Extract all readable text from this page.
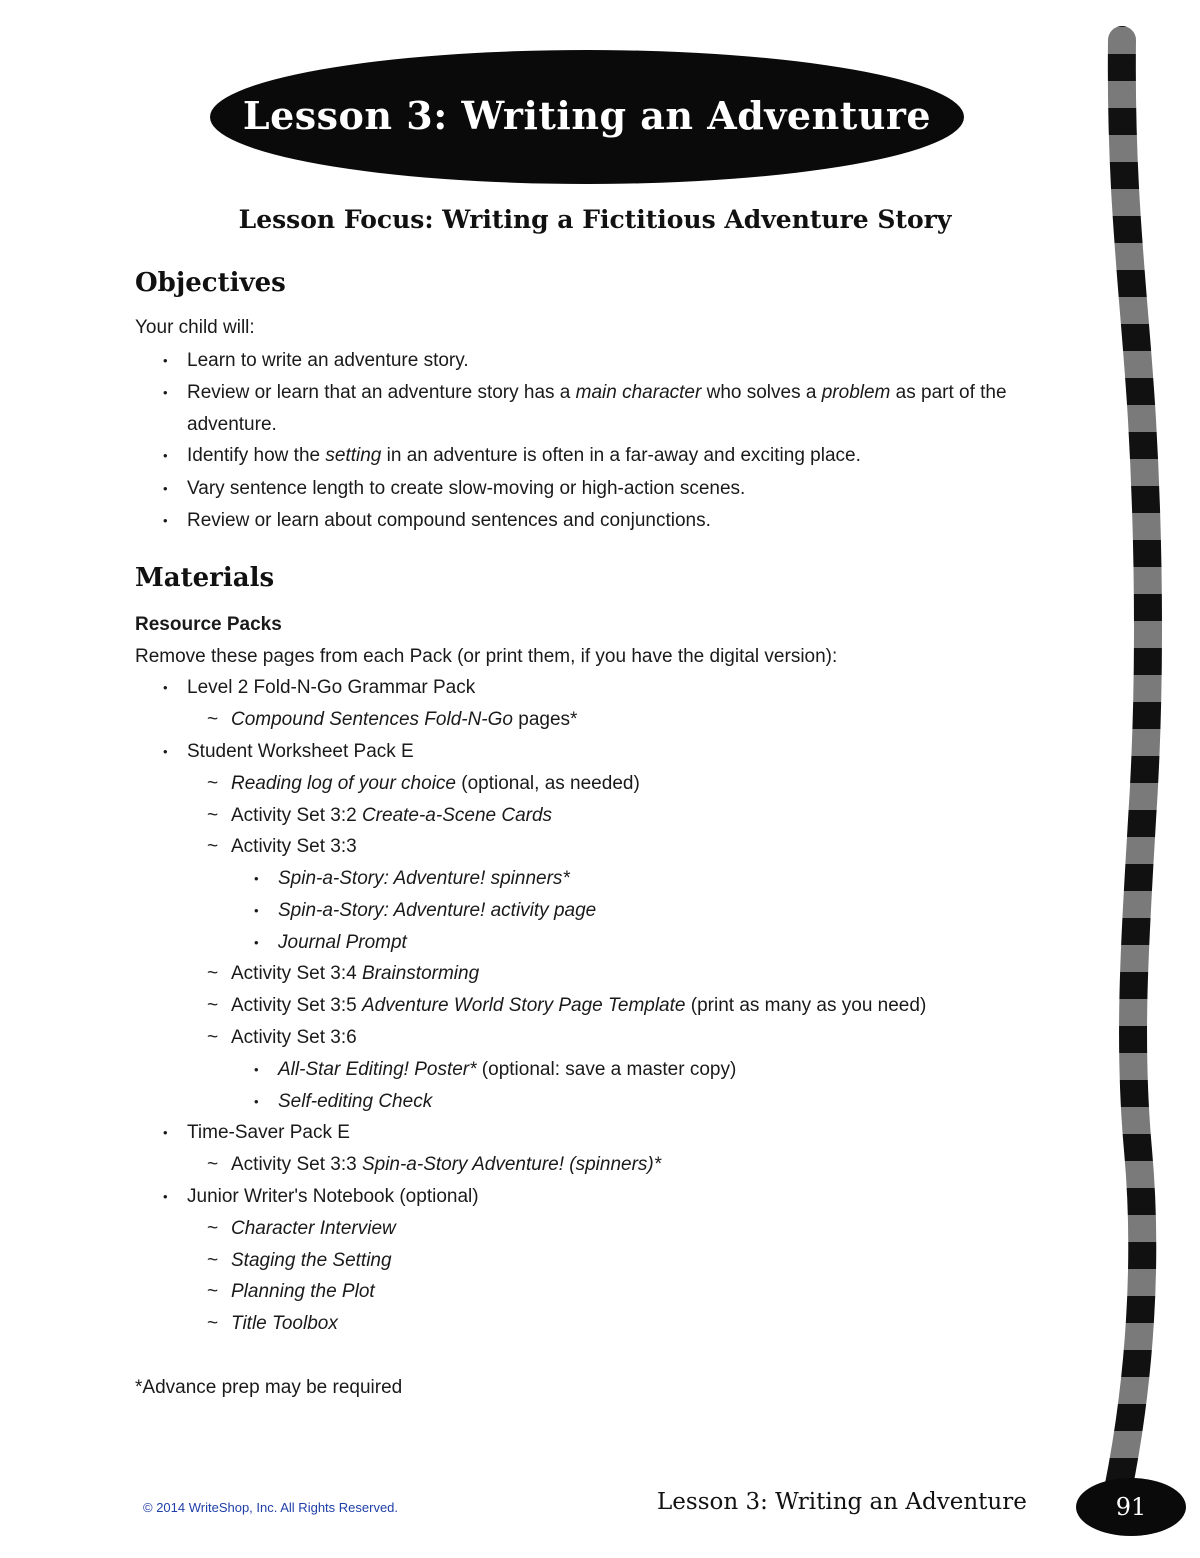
Lesson 3: Writing an Adventure
Lesson Focus: Writing a Fictitious Adventure Story
Objectives
Your child will:
• Learn to write an adventure story.
• Review or learn that an adventure story has a main character who solves a problem as part of the adventure.
• Identify how the setting in an adventure is often in a far-away and exciting place.
• Vary sentence length to create slow-moving or high-action scenes.
• Review or learn about compound sentences and conjunctions.
Materials
Resource Packs
Remove these pages from each Pack (or print them, if you have the digital version):
• Level 2 Fold-N-Go Grammar Pack
~ Compound Sentences Fold-N-Go pages*
• Student Worksheet Pack E
~ Reading log of your choice (optional, as needed)
~ Activity Set 3:2 Create-a-Scene Cards
~ Activity Set 3:3
• Spin-a-Story: Adventure! spinners*
• Spin-a-Story: Adventure! activity page
• Journal Prompt
~ Activity Set 3:4 Brainstorming
~ Activity Set 3:5 Adventure World Story Page Template (print as many as you need)
~ Activity Set 3:6
• All-Star Editing! Poster* (optional: save a master copy)
• Self-editing Check
• Time-Saver Pack E
~ Activity Set 3:3 Spin-a-Story Adventure! (spinners)*
• Junior Writer's Notebook (optional)
~ Character Interview
~ Staging the Setting
~ Planning the Plot
~ Title Toolbox
*Advance prep may be required
© 2014 WriteShop, Inc. All Rights Reserved.	Lesson 3: Writing an Adventure	91
